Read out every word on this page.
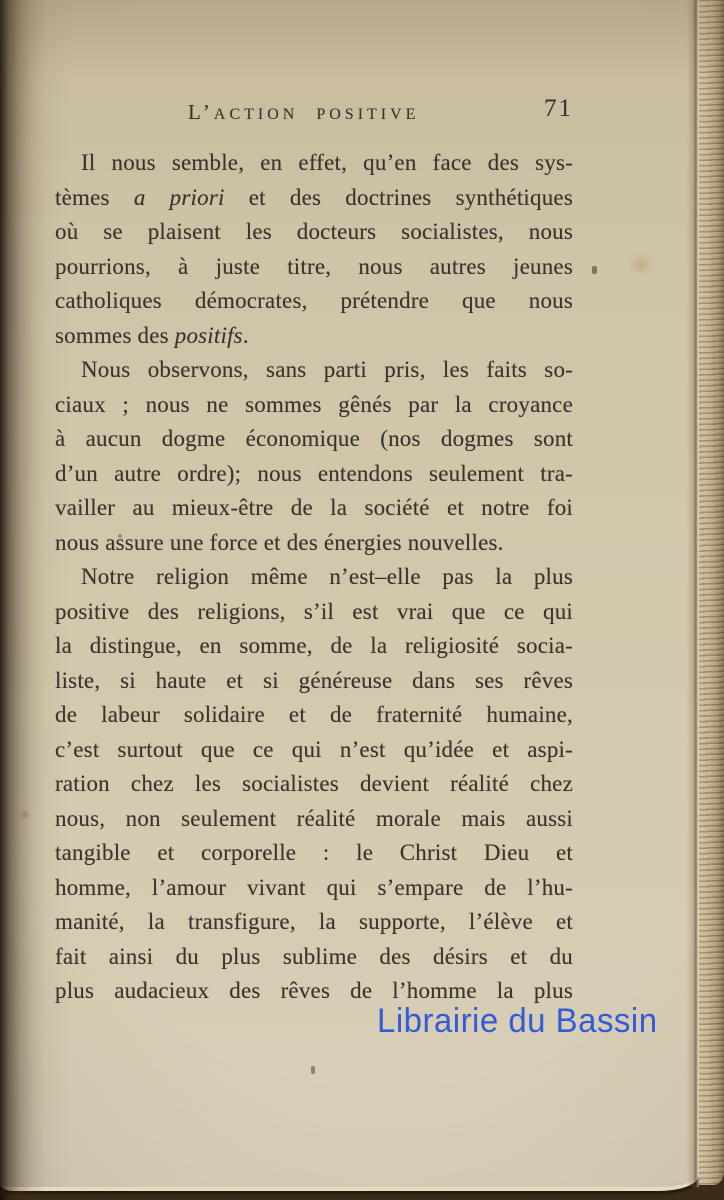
L’ACTION POSITIVE	71
Il nous semble, en effet, qu’en face des sys-
tèmes a priori et des doctrines synthétiques
où se plaisent les docteurs socialistes, nous
pourrions, à juste titre, nous autres jeunes
catholiques démocrates, prétendre que nous
sommes des positifs.
Nous observons, sans parti pris, les faits so-
ciaux ; nous ne sommes gênés par la croyance
à aucun dogme économique (nos dogmes sont
d’un autre ordre); nous entendons seulement tra-
vailler au mieux-être de la société et notre foi
nous assure une force et des énergies nouvelles.
Notre religion même n’est–elle pas la plus
positive des religions, s’il est vrai que ce qui
la distingue, en somme, de la religiosité socia-
liste, si haute et si généreuse dans ses rêves
de labeur solidaire et de fraternité humaine,
c’est surtout que ce qui n’est qu’idée et aspi-
ration chez les socialistes devient réalité chez
nous, non seulement réalité morale mais aussi
tangible et corporelle : le Christ Dieu et
homme, l’amour vivant qui s’empare de l’hu-
manité, la transfigure, la supporte, l’élève et
fait ainsi du plus sublime des désirs et du
plus audacieux des rêves de l’homme la plus
Librairie du Bassin
